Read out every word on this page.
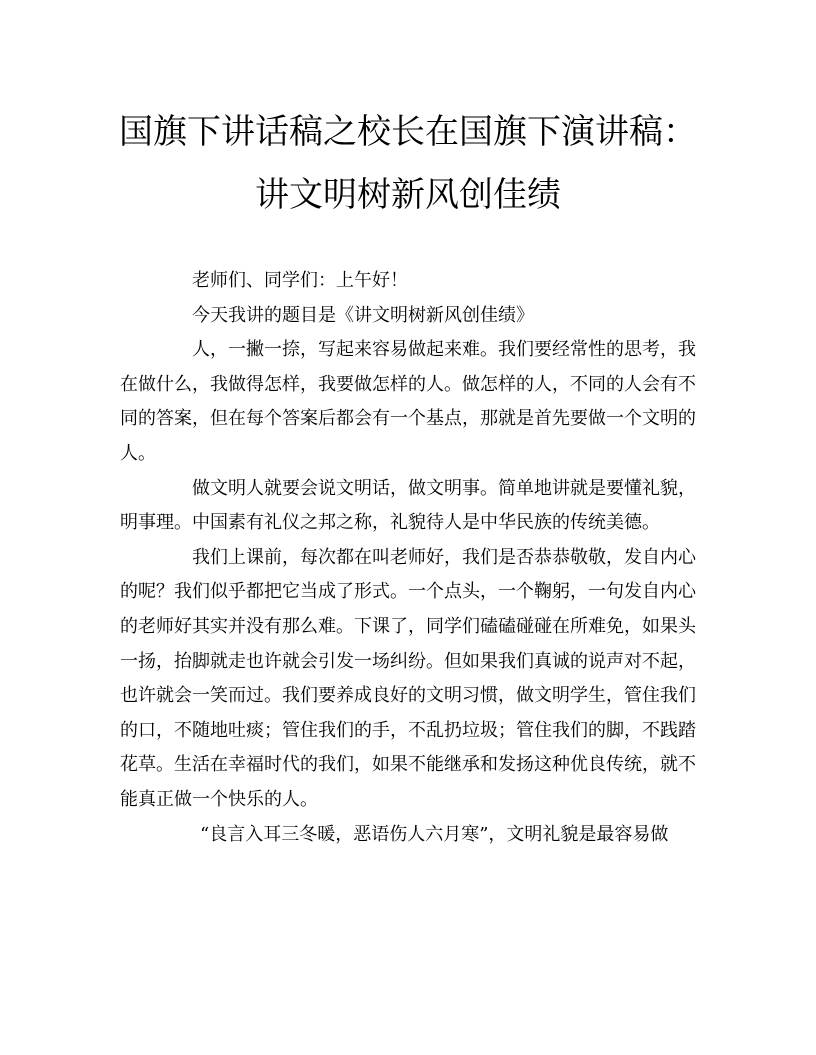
国旗下讲话稿之校长在国旗下演讲稿：
讲文明树新风创佳绩

老师们、同学们：上午好！

今天我讲的题目是《讲文明树新风创佳绩》

人，一撇一捺，写起来容易做起来难。我们要经常性的思考，我在做什么，我做得怎样，我要做怎样的人。做怎样的人，不同的人会有不同的答案，但在每个答案后都会有一个基点，那就是首先要做一个文明的人。

做文明人就要会说文明话，做文明事。简单地讲就是要懂礼貌，明事理。中国素有礼仪之邦之称，礼貌待人是中华民族的传统美德。

我们上课前，每次都在叫老师好，我们是否恭恭敬敬，发自内心的呢？我们似乎都把它当成了形式。一个点头，一个鞠躬，一句发自内心的老师好其实并没有那么难。下课了，同学们磕磕碰碰在所难免，如果头一扬，抬脚就走也许就会引发一场纠纷。但如果我们真诚的说声对不起，也许就会一笑而过。我们要养成良好的文明习惯，做文明学生，管住我们的口，不随地吐痰；管住我们的手，不乱扔垃圾；管住我们的脚，不践踏花草。生活在幸福时代的我们，如果不能继承和发扬这种优良传统，就不能真正做一个快乐的人。

“良言入耳三冬暖，恶语伤人六月寒”，文明礼貌是最容易做
